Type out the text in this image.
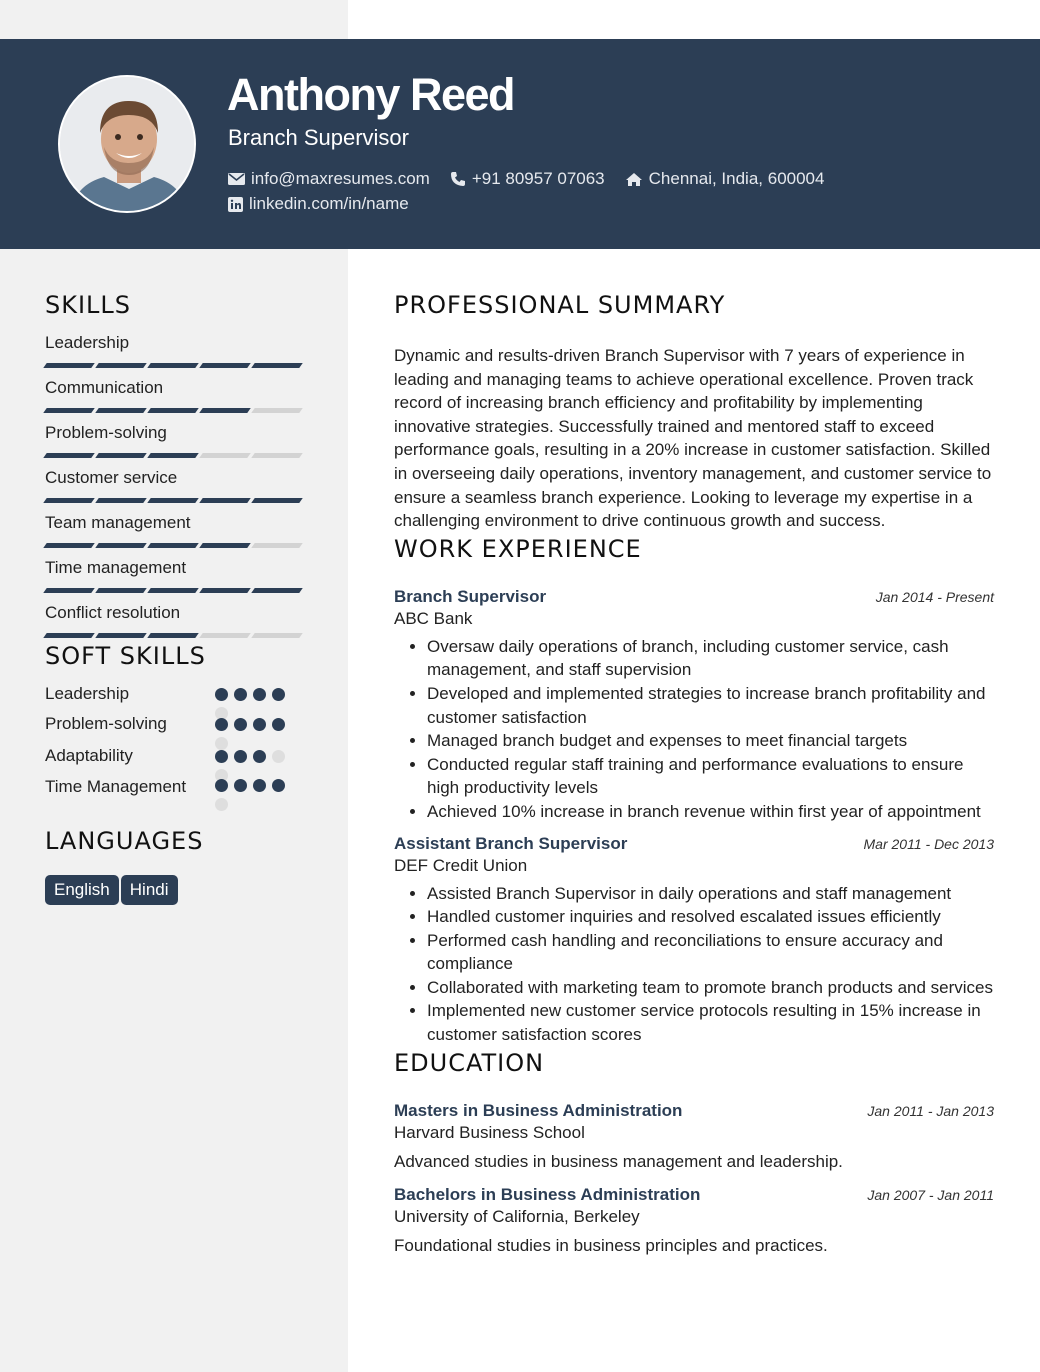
Anthony Reed
Branch Supervisor
info@maxresumes.com +91 80957 07063	Chennai, India, 600004
linkedin.com/in/name
SKILLS
Leadership
Communication
Problem-solving
Customer service
Team management
Time management
Conflict resolution
SOFT SKILLS
Leadership
Problem-solving
Adaptability
Time Management
LANGUAGES
English Hindi
PROFESSIONAL SUMMARY

Dynamic and results-driven Branch Supervisor with 7 years of experience in leading and managing teams to achieve operational excellence. Proven track record of increasing branch efficiency and profitability by implementing innovative strategies. Successfully trained and mentored staff to exceed performance goals, resulting in a 20% increase in customer satisfaction. Skilled in overseeing daily operations, inventory management, and customer service to ensure a seamless branch experience. Looking to leverage my expertise in a challenging environment to drive continuous growth and success.

WORK EXPERIENCE
Branch Supervisor	Jan 2014 - Present
ABC Bank
• Oversaw daily operations of branch, including customer service, cash management, and staff supervision
• Developed and implemented strategies to increase branch profitability and customer satisfaction
• Managed branch budget and expenses to meet financial targets
• Conducted regular staff training and performance evaluations to ensure high productivity levels
• Achieved 10% increase in branch revenue within first year of appointment
Assistant Branch Supervisor	Mar 2011 - Dec 2013
DEF Credit Union
• Assisted Branch Supervisor in daily operations and staff management
• Handled customer inquiries and resolved escalated issues efficiently
• Performed cash handling and reconciliations to ensure accuracy and compliance
• Collaborated with marketing team to promote branch products and services
• Implemented new customer service protocols resulting in 15% increase in customer satisfaction scores
EDUCATION
Masters in Business Administration	Jan 2011 - Jan 2013
Harvard Business School
Advanced studies in business management and leadership.
Bachelors in Business Administration	Jan 2007 - Jan 2011
University of California, Berkeley
Foundational studies in business principles and practices.
